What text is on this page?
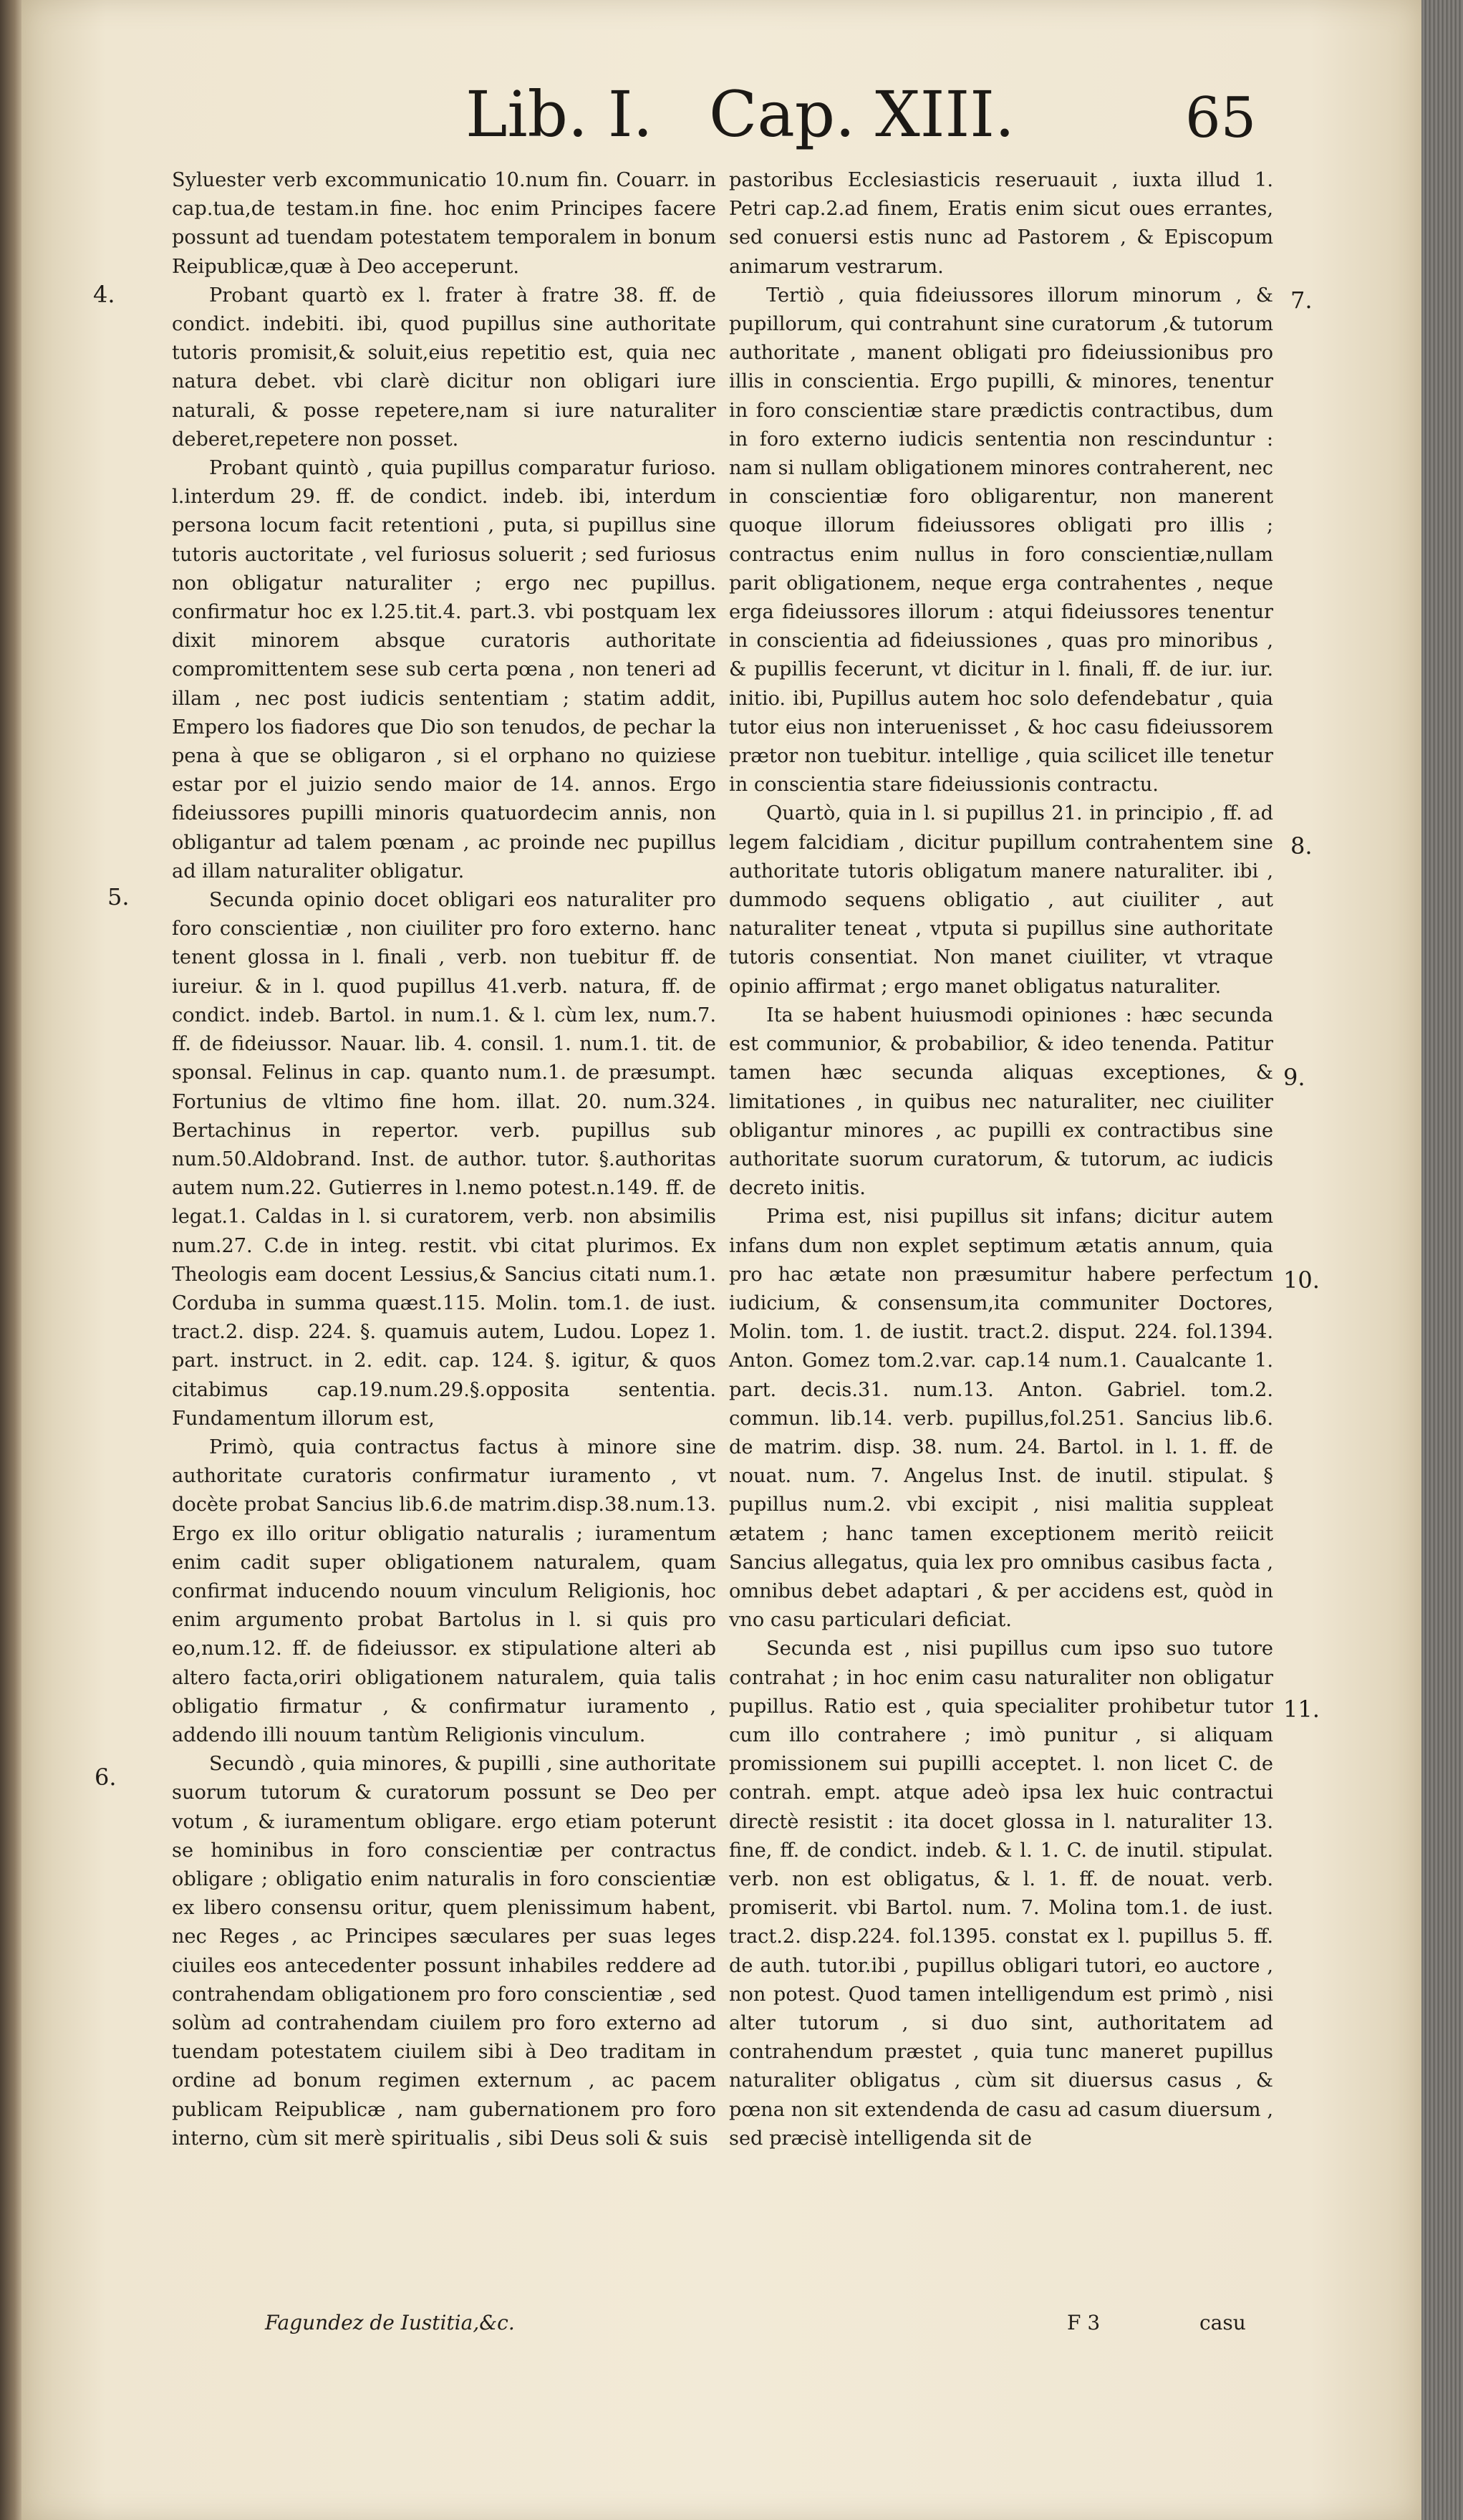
Lib. I. Cap. XIII.	65
4.
5.
6.
7.
8.
9.
10.
11.

Syluester verb excommunicatio 10.num fin. Couarr. in cap.tua,de testam.in fine. hoc enim Principes facere possunt ad tuendam potestatem temporalem in bonum Reipublicæ,quæ à Deo acceperunt.

Probant quartò ex l. frater à fratre 38. ff. de condict. indebiti. ibi, quod pupillus sine authoritate tutoris promisit,& soluit,eius repetitio est, quia nec natura debet. vbi clarè dicitur non obligari iure naturali, & posse repetere,nam si iure naturaliter deberet,repetere non posset.

Probant quintò , quia pupillus comparatur furioso. l.interdum 29. ff. de condict. indeb. ibi, interdum persona locum facit retentioni , puta, si pupillus sine tutoris auctoritate , vel furiosus soluerit ; sed furiosus non obligatur naturaliter ; ergo nec pupillus. confirmatur hoc ex l.25.tit.4. part.3. vbi postquam lex dixit minorem absque curatoris authoritate compromittentem sese sub certa pœna , non teneri ad illam , nec post iudicis sententiam ; statim addit, Empero los fiadores que Dio son tenudos, de pechar la pena à que se obligaron , si el orphano no quiziese estar por el juizio sendo maior de 14. annos. Ergo fideiussores pupilli minoris quatuordecim annis, non obligantur ad talem pœnam , ac proinde nec pupillus ad illam naturaliter obligatur.

Secunda opinio docet obligari eos naturaliter pro foro conscientiæ , non ciuiliter pro foro externo. hanc tenent glossa in l. finali , verb. non tuebitur ff. de iureiur. & in l. quod pupillus 41.verb. natura, ff. de condict. indeb. Bartol. in num.1. & l. cùm lex, num.7. ff. de fideiussor. Nauar. lib. 4. consil. 1. num.1. tit. de sponsal. Felinus in cap. quanto num.1. de præsumpt. Fortunius de vltimo fine hom. illat. 20. num.324. Bertachinus in repertor. verb. pupillus sub num.50.Aldobrand. Inst. de author. tutor. §.authoritas autem num.22. Gutierres in l.nemo potest.n.149. ff. de legat.1. Caldas in l. si curatorem, verb. non absimilis num.27. C.de in integ. restit. vbi citat plurimos. Ex Theologis eam docent Lessius,& Sancius citati num.1. Corduba in summa quæst.115. Molin. tom.1. de iust. tract.2. disp. 224. §. quamuis autem, Ludou. Lopez 1. part. instruct. in 2. edit. cap. 124. §. igitur, & quos citabimus cap.19.num.29.§.opposita sententia. Fundamentum illorum est,

Primò, quia contractus factus à minore sine authoritate curatoris confirmatur iuramento , vt docète probat Sancius lib.6.de matrim.disp.38.num.13. Ergo ex illo oritur obligatio naturalis ; iuramentum enim cadit super obligationem naturalem, quam confirmat inducendo nouum vinculum Religionis, hoc enim argumento probat Bartolus in l. si quis pro eo,num.12. ff. de fideiussor. ex stipulatione alteri ab altero facta,oriri obligationem naturalem, quia talis obligatio firmatur , & confirmatur iuramento , addendo illi nouum tantùm Religionis vinculum.

Secundò , quia minores, & pupilli , sine authoritate suorum tutorum & curatorum possunt se Deo per votum , & iuramentum obligare. ergo etiam poterunt se hominibus in foro conscientiæ per contractus obligare ; obligatio enim naturalis in foro conscientiæ ex libero consensu oritur, quem plenissimum habent, nec Reges , ac Principes sæculares per suas leges ciuiles eos antecedenter possunt inhabiles reddere ad contrahendam obligationem pro foro conscientiæ , sed solùm ad contrahendam ciuilem pro foro externo ad tuendam potestatem ciuilem sibi à Deo traditam in ordine ad bonum regimen externum , ac pacem publicam Reipublicæ , nam gubernationem pro foro interno, cùm sit merè spiritualis , sibi Deus soli & suis

pastoribus Ecclesiasticis reseruauit , iuxta illud 1. Petri cap.2.ad finem, Eratis enim sicut oues errantes, sed conuersi estis nunc ad Pastorem , & Episcopum animarum vestrarum.

Tertiò , quia fideiussores illorum minorum , & pupillorum, qui contrahunt sine curatorum ,& tutorum authoritate , manent obligati pro fideiussionibus pro illis in conscientia. Ergo pupilli, & minores, tenentur in foro conscientiæ stare prædictis contractibus, dum in foro externo iudicis sententia non rescinduntur : nam si nullam obligationem minores contraherent, nec in conscientiæ foro obligarentur, non manerent quoque illorum fideiussores obligati pro illis ; contractus enim nullus in foro conscientiæ,nullam parit obligationem, neque erga contrahentes , neque erga fideiussores illorum : atqui fideiussores tenentur in conscientia ad fideiussiones , quas pro minoribus , & pupillis fecerunt, vt dicitur in l. finali, ff. de iur. iur. initio. ibi, Pupillus autem hoc solo defendebatur , quia tutor eius non interuenisset , & hoc casu fideiussorem prætor non tuebitur. intellige , quia scilicet ille tenetur in conscientia stare fideiussionis contractu.

Quartò, quia in l. si pupillus 21. in principio , ff. ad legem falcidiam , dicitur pupillum contrahentem sine authoritate tutoris obligatum manere naturaliter. ibi , dummodo sequens obligatio , aut ciuiliter , aut naturaliter teneat , vtputa si pupillus sine authoritate tutoris consentiat. Non manet ciuiliter, vt vtraque opinio affirmat ; ergo manet obligatus naturaliter.

Ita se habent huiusmodi opiniones : hæc secunda est communior, & probabilior, & ideo tenenda. Patitur tamen hæc secunda aliquas exceptiones, & limitationes , in quibus nec naturaliter, nec ciuiliter obligantur minores , ac pupilli ex contractibus sine authoritate suorum curatorum, & tutorum, ac iudicis decreto initis.

Prima est, nisi pupillus sit infans; dicitur autem infans dum non explet septimum ætatis annum, quia pro hac ætate non præsumitur habere perfectum iudicium, & consensum,ita communiter Doctores, Molin. tom. 1. de iustit. tract.2. disput. 224. fol.1394. Anton. Gomez tom.2.var. cap.14 num.1. Caualcante 1. part. decis.31. num.13. Anton. Gabriel. tom.2. commun. lib.14. verb. pupillus,fol.251. Sancius lib.6. de matrim. disp. 38. num. 24. Bartol. in l. 1. ff. de nouat. num. 7. Angelus Inst. de inutil. stipulat. § pupillus num.2. vbi excipit , nisi malitia suppleat ætatem ; hanc tamen exceptionem meritò reiicit Sancius allegatus, quia lex pro omnibus casibus facta , omnibus debet adaptari , & per accidens est, quòd in vno casu particulari deficiat.

Secunda est , nisi pupillus cum ipso suo tutore contrahat ; in hoc enim casu naturaliter non obligatur pupillus. Ratio est , quia specialiter prohibetur tutor cum illo contrahere ; imò punitur , si aliquam promissionem sui pupilli acceptet. l. non licet C. de contrah. empt. atque adeò ipsa lex huic contractui directè resistit : ita docet glossa in l. naturaliter 13. fine, ff. de condict. indeb. & l. 1. C. de inutil. stipulat. verb. non est obligatus, & l. 1. ff. de nouat. verb. promiserit. vbi Bartol. num. 7. Molina tom.1. de iust. tract.2. disp.224. fol.1395. constat ex l. pupillus 5. ff. de auth. tutor.ibi , pupillus obligari tutori, eo auctore , non potest. Quod tamen intelligendum est primò , nisi alter tutorum , si duo sint, authoritatem ad contrahendum præstet , quia tunc maneret pupillus naturaliter obligatus , cùm sit diuersus casus , & pœna non sit extendenda de casu ad casum diuersum , sed præcisè intelligenda sit de

Fagundez de Iustitia,&c.	F 3	casu
